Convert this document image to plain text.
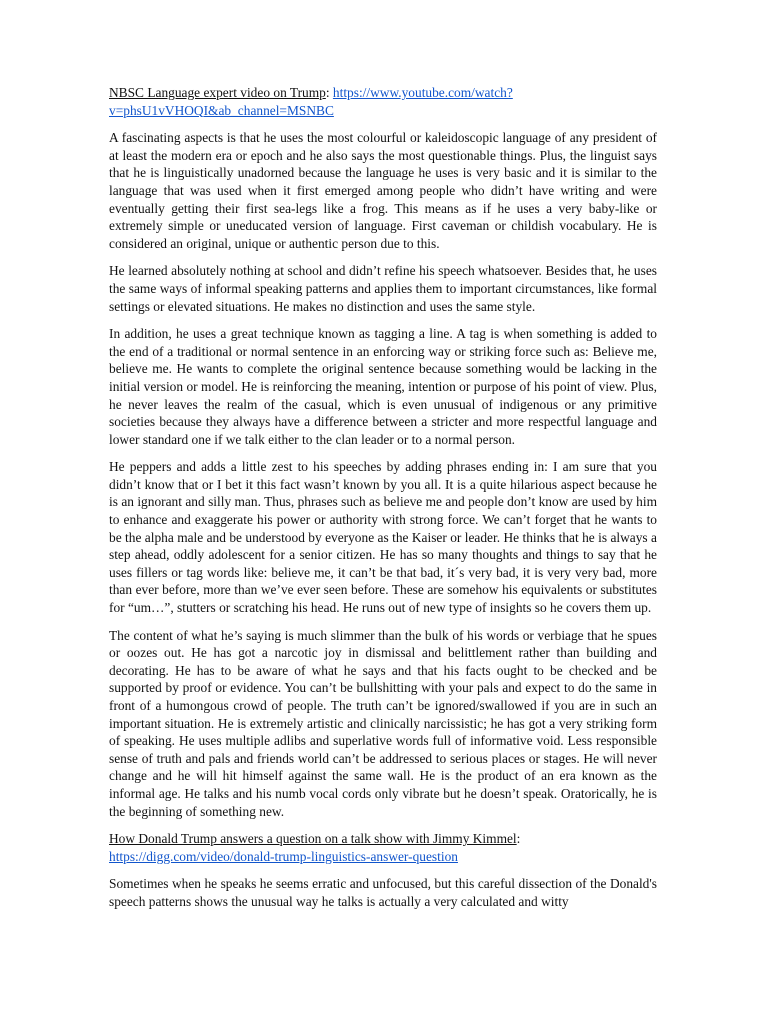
NBSC Language expert video on Trump: https://www.youtube.com/watch?v=phsU1vVHOQI&ab_channel=MSNBC

A fascinating aspects is that he uses the most colourful or kaleidoscopic language of any president of at least the modern era or epoch and he also says the most questionable things. Plus, the linguist says that he is linguistically unadorned because the language he uses is very basic and it is similar to the language that was used when it first emerged among people who didn’t have writing and were eventually getting their first sea-legs like a frog. This means as if he uses a very baby-like or extremely simple or uneducated version of language. First caveman or childish vocabulary. He is considered an original, unique or authentic person due to this.

He learned absolutely nothing at school and didn’t refine his speech whatsoever. Besides that, he uses the same ways of informal speaking patterns and applies them to important circumstances, like formal settings or elevated situations. He makes no distinction and uses the same style.

In addition, he uses a great technique known as tagging a line. A tag is when something is added to the end of a traditional or normal sentence in an enforcing way or striking force such as: Believe me, believe me. He wants to complete the original sentence because something would be lacking in the initial version or model. He is reinforcing the meaning, intention or purpose of his point of view. Plus, he never leaves the realm of the casual, which is even unusual of indigenous or any primitive societies because they always have a difference between a stricter and more respectful language and lower standard one if we talk either to the clan leader or to a normal person.

He peppers and adds a little zest to his speeches by adding phrases ending in: I am sure that you didn’t know that or I bet it this fact wasn’t known by you all. It is a quite hilarious aspect because he is an ignorant and silly man. Thus, phrases such as believe me and people don’t know are used by him to enhance and exaggerate his power or authority with strong force. We can’t forget that he wants to be the alpha male and be understood by everyone as the Kaiser or leader. He thinks that he is always a step ahead, oddly adolescent for a senior citizen. He has so many thoughts and things to say that he uses fillers or tag words like: believe me, it can’t be that bad, it´s very bad, it is very very bad, more than ever before, more than we’ve ever seen before. These are somehow his equivalents or substitutes for “um…”, stutters or scratching his head. He runs out of new type of insights so he covers them up.

The content of what he’s saying is much slimmer than the bulk of his words or verbiage that he spues or oozes out. He has got a narcotic joy in dismissal and belittlement rather than building and decorating. He has to be aware of what he says and that his facts ought to be checked and be supported by proof or evidence. You can’t be bullshitting with your pals and expect to do the same in front of a humongous crowd of people. The truth can’t be ignored/swallowed if you are in such an important situation. He is extremely artistic and clinically narcissistic; he has got a very striking form of speaking. He uses multiple adlibs and superlative words full of informative void. Less responsible sense of truth and pals and friends world can’t be addressed to serious places or stages. He will never change and he will hit himself against the same wall. He is the product of an era known as the informal age. He talks and his numb vocal cords only vibrate but he doesn’t speak. Oratorically, he is the beginning of something new.

How Donald Trump answers a question on a talk show with Jimmy Kimmel:
https://digg.com/video/donald-trump-linguistics-answer-question

Sometimes when he speaks he seems erratic and unfocused, but this careful dissection of the Donald's speech patterns shows the unusual way he talks is actually a very calculated and witty
